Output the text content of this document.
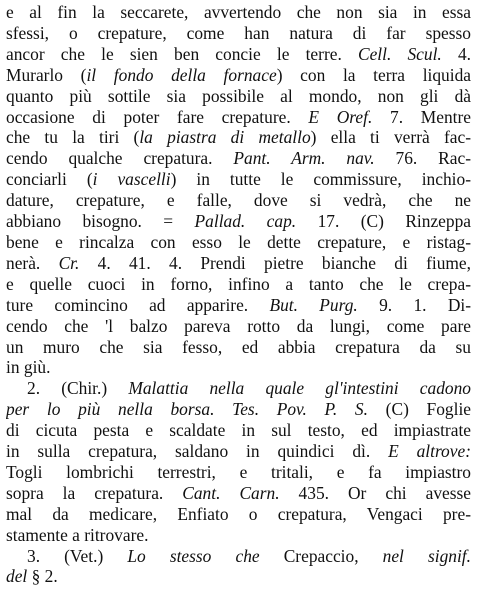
e al fin la seccarete, avvertendo che non sia in essa
sfessi, o crepature, come han natura di far spesso
ancor che le sien ben concie le terre. Cell. Scul. 4.
Murarlo (il fondo della fornace) con la terra liquida
quanto più sottile sia possibile al mondo, non gli dà
occasione di poter fare crepature. E Oref. 7. Mentre
che tu la tiri (la piastra di metallo) ella ti verrà fac-
cendo qualche crepatura. Pant. Arm. nav. 76. Rac-
conciarli (i vascelli) in tutte le commissure, inchio-
dature, crepature, e falle, dove si vedrà, che ne
abbiano bisogno. = Pallad. cap. 17. (C) Rinzeppa
bene e rincalza con esso le dette crepature, e ristag-
nerà. Cr. 4. 41. 4. Prendi pietre bianche di fiume,
e quelle cuoci in forno, infino a tanto che le crepa-
ture comincino ad apparire. But. Purg. 9. 1. Di-
cendo che 'l balzo pareva rotto da lungi, come pare
un muro che sia fesso, ed abbia crepatura da su
in giù.
2. (Chir.) Malattia nella quale gl'intestini cadono
per lo più nella borsa. Tes. Pov. P. S. (C) Foglie
di cicuta pesta e scaldate in sul testo, ed impiastrate
in sulla crepatura, saldano in quindici dì. E altrove:
Togli lombrichi terrestri, e tritali, e fa impiastro
sopra la crepatura. Cant. Carn. 435. Or chi avesse
mal da medicare, Enfiato o crepatura, Vengaci pre-
stamente a ritrovare.
3. (Vet.) Lo stesso che Crepaccio, nel signif.
del § 2.
